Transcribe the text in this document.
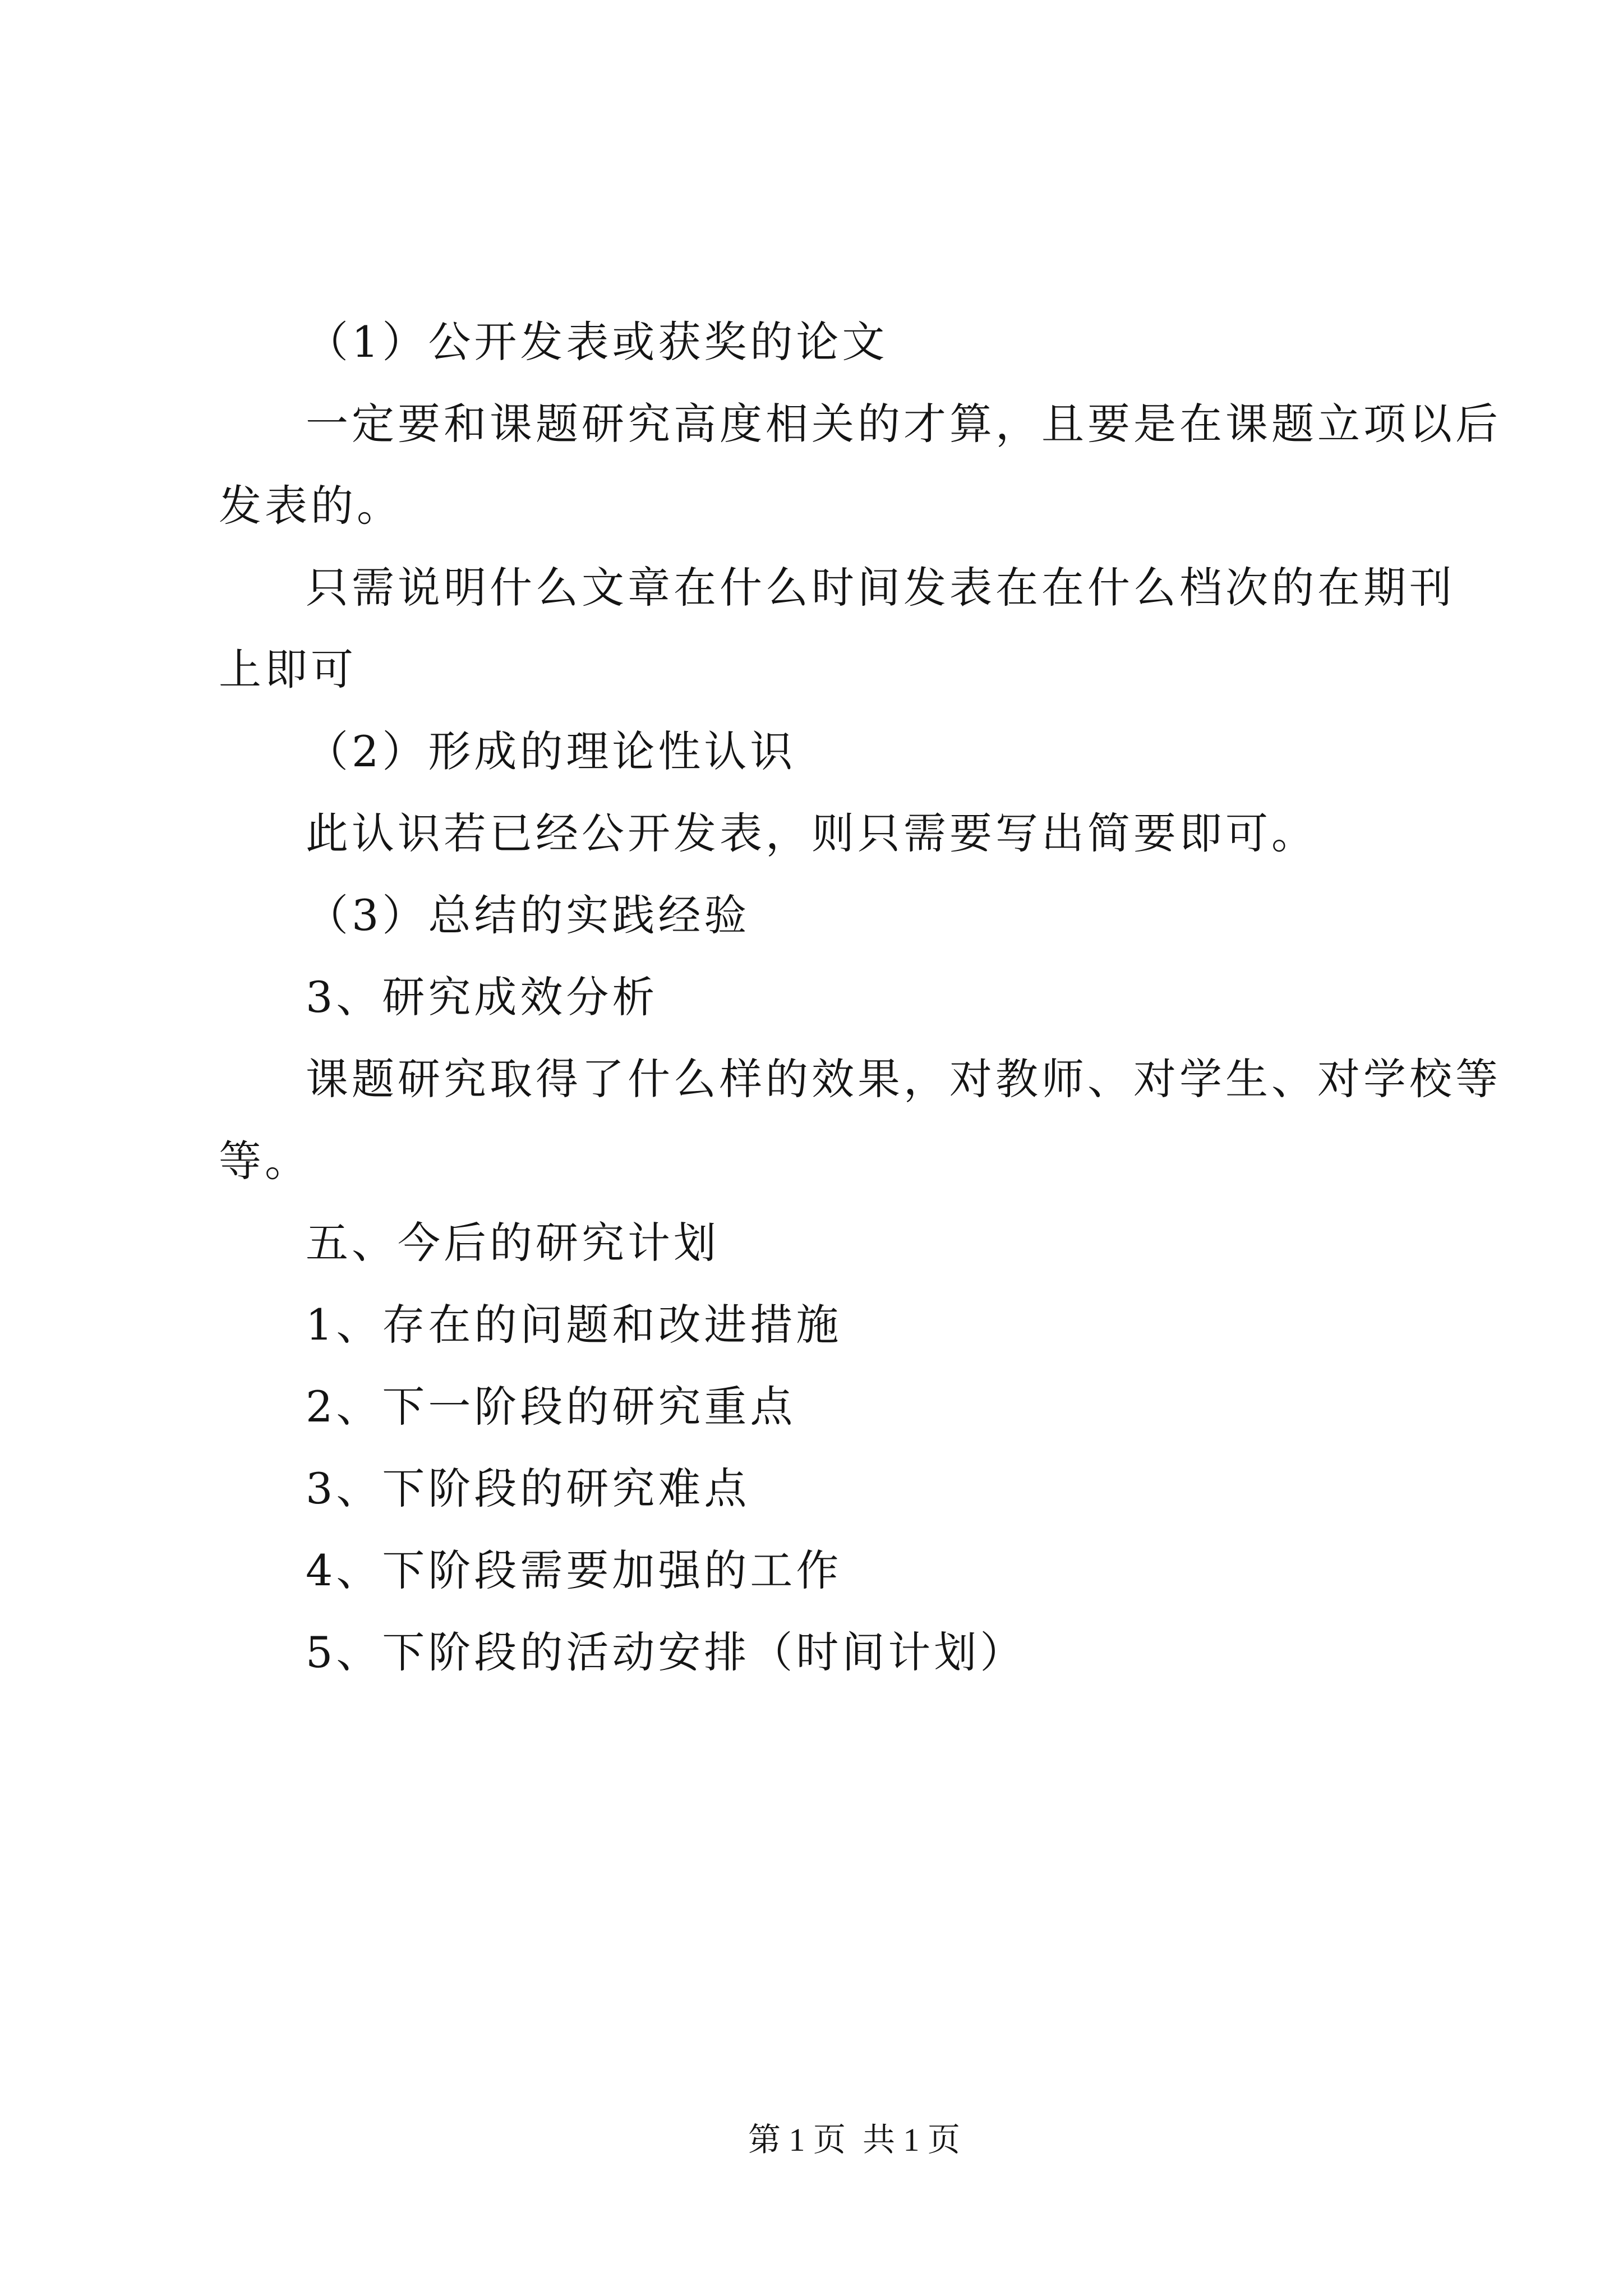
（1）公开发表或获奖的论文
一定要和课题研究高度相关的才算，且要是在课题立项以后
发表的。
只需说明什么文章在什么时间发表在在什么档次的在期刊
上即可
（2）形成的理论性认识
此认识若已经公开发表，则只需要写出简要即可。
（3）总结的实践经验
3、研究成效分析
课题研究取得了什么样的效果，对教师、对学生、对学校等
等。
五、今后的研究计划
1、存在的问题和改进措施
2、下一阶段的研究重点
3、下阶段的研究难点
4、下阶段需要加强的工作
5、下阶段的活动安排（时间计划）
第 1 页 共 1 页
